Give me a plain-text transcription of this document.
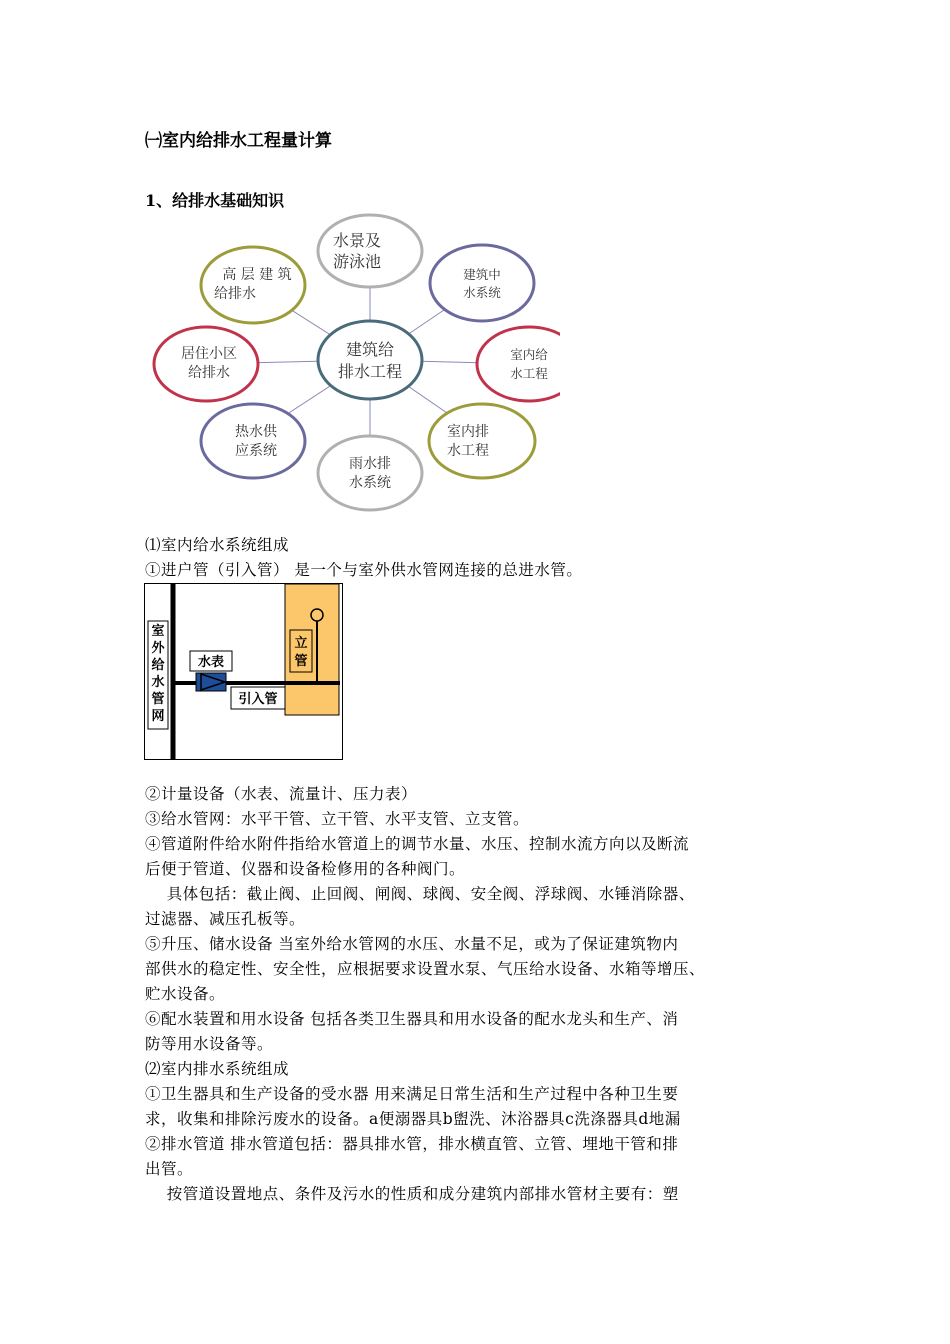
㈠室内给排水工程量计算
1、给排水基础知识
水景及
游泳池
建筑中
水系统
室内给
水工程
室内排
水工程
雨水排
水系统
热水供
应系统
居住小区
给排水
高 层 建 筑
给排水
建筑给
排水工程
⑴室内给水系统组成
①进户管（引入管） 是一个与室外供水管网连接的总进水管。
室
外
给
水
管
网
水表
引入管
立
管
②计量设备（水表、流量计、压力表）
③给水管网：水平干管、立干管、水平支管、立支管。
④管道附件给水附件指给水管道上的调节水量、水压、控制水流方向以及断流
后便于管道、仪器和设备检修用的各种阀门。
具体包括：截止阀、止回阀、闸阀、球阀、安全阀、浮球阀、水锤消除器、
过滤器、减压孔板等。
⑤升压、储水设备 当室外给水管网的水压、水量不足，或为了保证建筑物内
部供水的稳定性、安全性，应根据要求设置水泵、气压给水设备、水箱等增压、
贮水设备。
⑥配水装置和用水设备 包括各类卫生器具和用水设备的配水龙头和生产、消
防等用水设备等。
⑵室内排水系统组成
①卫生器具和生产设备的受水器 用来满足日常生活和生产过程中各种卫生要
求，收集和排除污废水的设备。a便溺器具b盥洗、沐浴器具c洗涤器具d地漏
②排水管道 排水管道包括：器具排水管，排水横直管、立管、埋地干管和排
出管。
按管道设置地点、条件及污水的性质和成分建筑内部排水管材主要有：塑
